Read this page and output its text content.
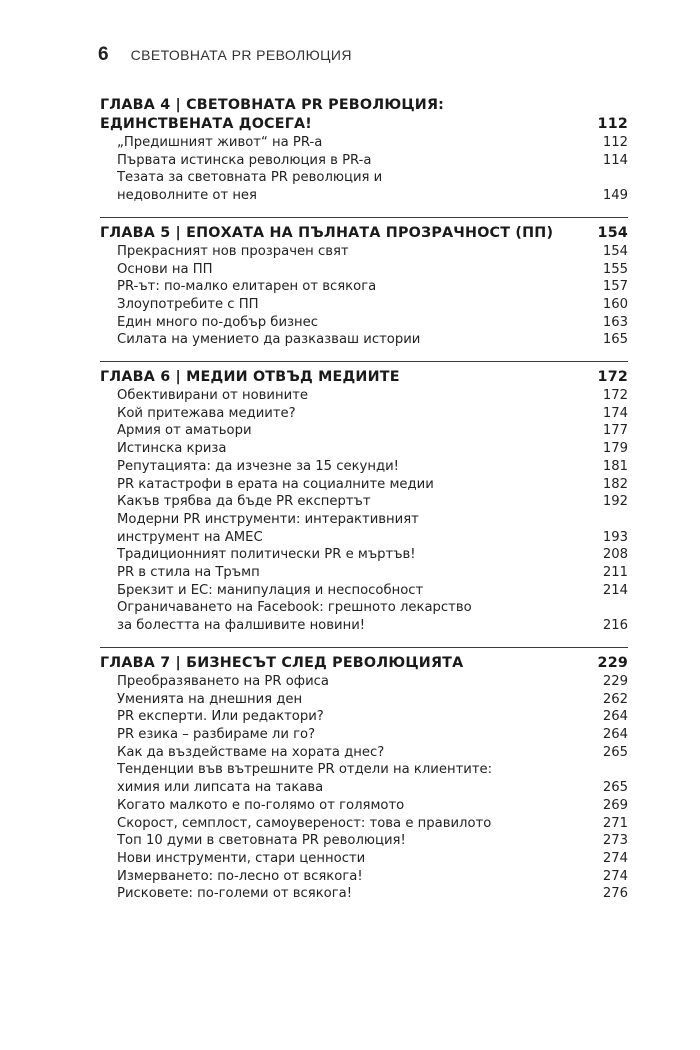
6 СВЕТОВНАТА PR РЕВОЛЮЦИЯ
ГЛАВА 4 | СВЕТОВНАТА PR РЕВОЛЮЦИЯ:
ЕДИНСТВЕНАТА ДОСЕГА!	112
„Предишният живот“ на PR-а	112
Първата истинска революция в PR-а	114
Тезата за световната PR революция и
недоволните от нея	149
ГЛАВА 5 | ЕПОХАТА НА ПЪЛНАТА ПРОЗРАЧНОСТ (ПП)	154
Прекрасният нов прозрачен свят	154
Основи на ПП	155
PR-ът: по-малко елитарен от всякога	157
Злоупотребите с ПП	160
Един много по-добър бизнес	163
Силата на умението да разказваш истории	165
ГЛАВА 6 | МЕДИИ ОТВЪД МЕДИИТЕ	172
Обективирани от новините	172
Кой притежава медиите?	174
Армия от аматьори	177
Истинска криза	179
Репутацията: да изчезне за 15 секунди!	181
PR катастрофи в ерата на социалните медии	182
Какъв трябва да бъде PR експертът	192
Модерни PR инструменти: интерактивният
инструмент на AMEC	193
Традиционният политически PR е мъртъв!	208
PR в стила на Тръмп	211
Брекзит и ЕС: манипулация и неспособност	214
Ограничаването на Facebook: грешното лекарство
за болестта на фалшивите новини!	216
ГЛАВА 7 | БИЗНЕСЪТ СЛЕД РЕВОЛЮЦИЯТА	229
Преобразяването на PR офиса	229
Уменията на днешния ден	262
PR експерти. Или редактори?	264
PR езика – разбираме ли го?	264
Как да въздействаме на хората днес?	265
Тенденции във вътрешните PR отдели на клиентите:
химия или липсата на такава	265
Когато малкото е по-голямо от голямото	269
Скорост, семплост, самоувереност: това е правилото	271
Топ 10 думи в световната PR революция!	273
Нови инструменти, стари ценности	274
Измерването: по-лесно от всякога!	274
Рисковете: по-големи от всякога!	276
